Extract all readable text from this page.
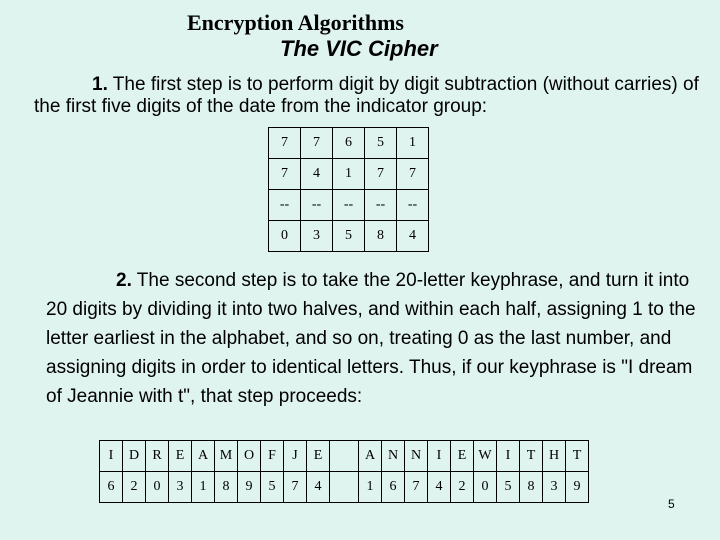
Encryption Algorithms
The VIC Cipher

1. The first step is to perform digit by digit subtraction (without carries) of the first five digits of the date from the indicator group:

7	7	6	5	1
7	4	1	7	7
--	--	--	--	--
0	3	5	8	4

2. The second step is to take the 20-letter keyphrase, and turn it into 20 digits by dividing it into two halves, and within each half, assigning 1 to the letter earliest in the alphabet, and so on, treating 0 as the last number, and assigning digits in order to identical letters. Thus, if our keyphrase is "I dream of Jeannie with t", that step proceeds:

I	D	R	E	A	M	O	F	J	E		A	N	N	I	E	W	I	T	H	T
6	2	0	3	1	8	9	5	7	4		1	6	7	4	2	0	5	8	3	9

5
